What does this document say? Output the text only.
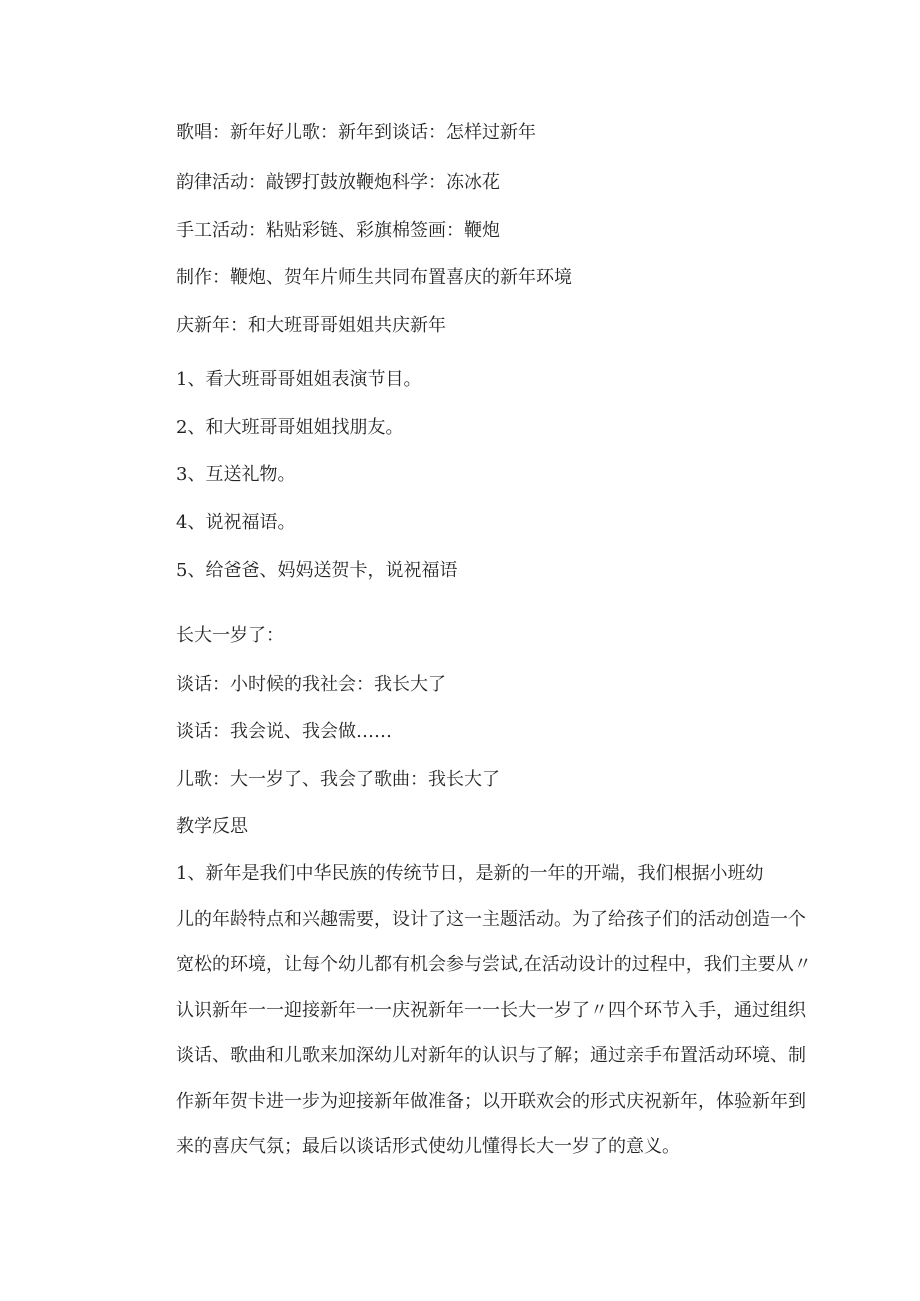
歌唱：新年好儿歌：新年到谈话：怎样过新年
韵律活动：敲锣打鼓放鞭炮科学：冻冰花
手工活动：粘贴彩链、彩旗棉签画：鞭炮
制作：鞭炮、贺年片师生共同布置喜庆的新年环境
庆新年：和大班哥哥姐姐共庆新年
1、看大班哥哥姐姐表演节目。
2、和大班哥哥姐姐找朋友。
3、互送礼物。
4、说祝福语。
5、给爸爸、妈妈送贺卡，说祝福语
长大一岁了：
谈话：小时候的我社会：我长大了
谈话：我会说、我会做……
儿歌：大一岁了、我会了歌曲：我长大了
教学反思
1、新年是我们中华民族的传统节日，是新的一年的开端，我们根据小班幼
儿的年龄特点和兴趣需要，设计了这一主题活动。为了给孩子们的活动创造一个
宽松的环境，让每个幼儿都有机会参与尝试,在活动设计的过程中，我们主要从〃
认识新年一一迎接新年一一庆祝新年一一长大一岁了〃四个环节入手，通过组织
谈话、歌曲和儿歌来加深幼儿对新年的认识与了解；通过亲手布置活动环境、制
作新年贺卡进一步为迎接新年做准备；以开联欢会的形式庆祝新年，体验新年到
来的喜庆气氛；最后以谈话形式使幼儿懂得长大一岁了的意义。
